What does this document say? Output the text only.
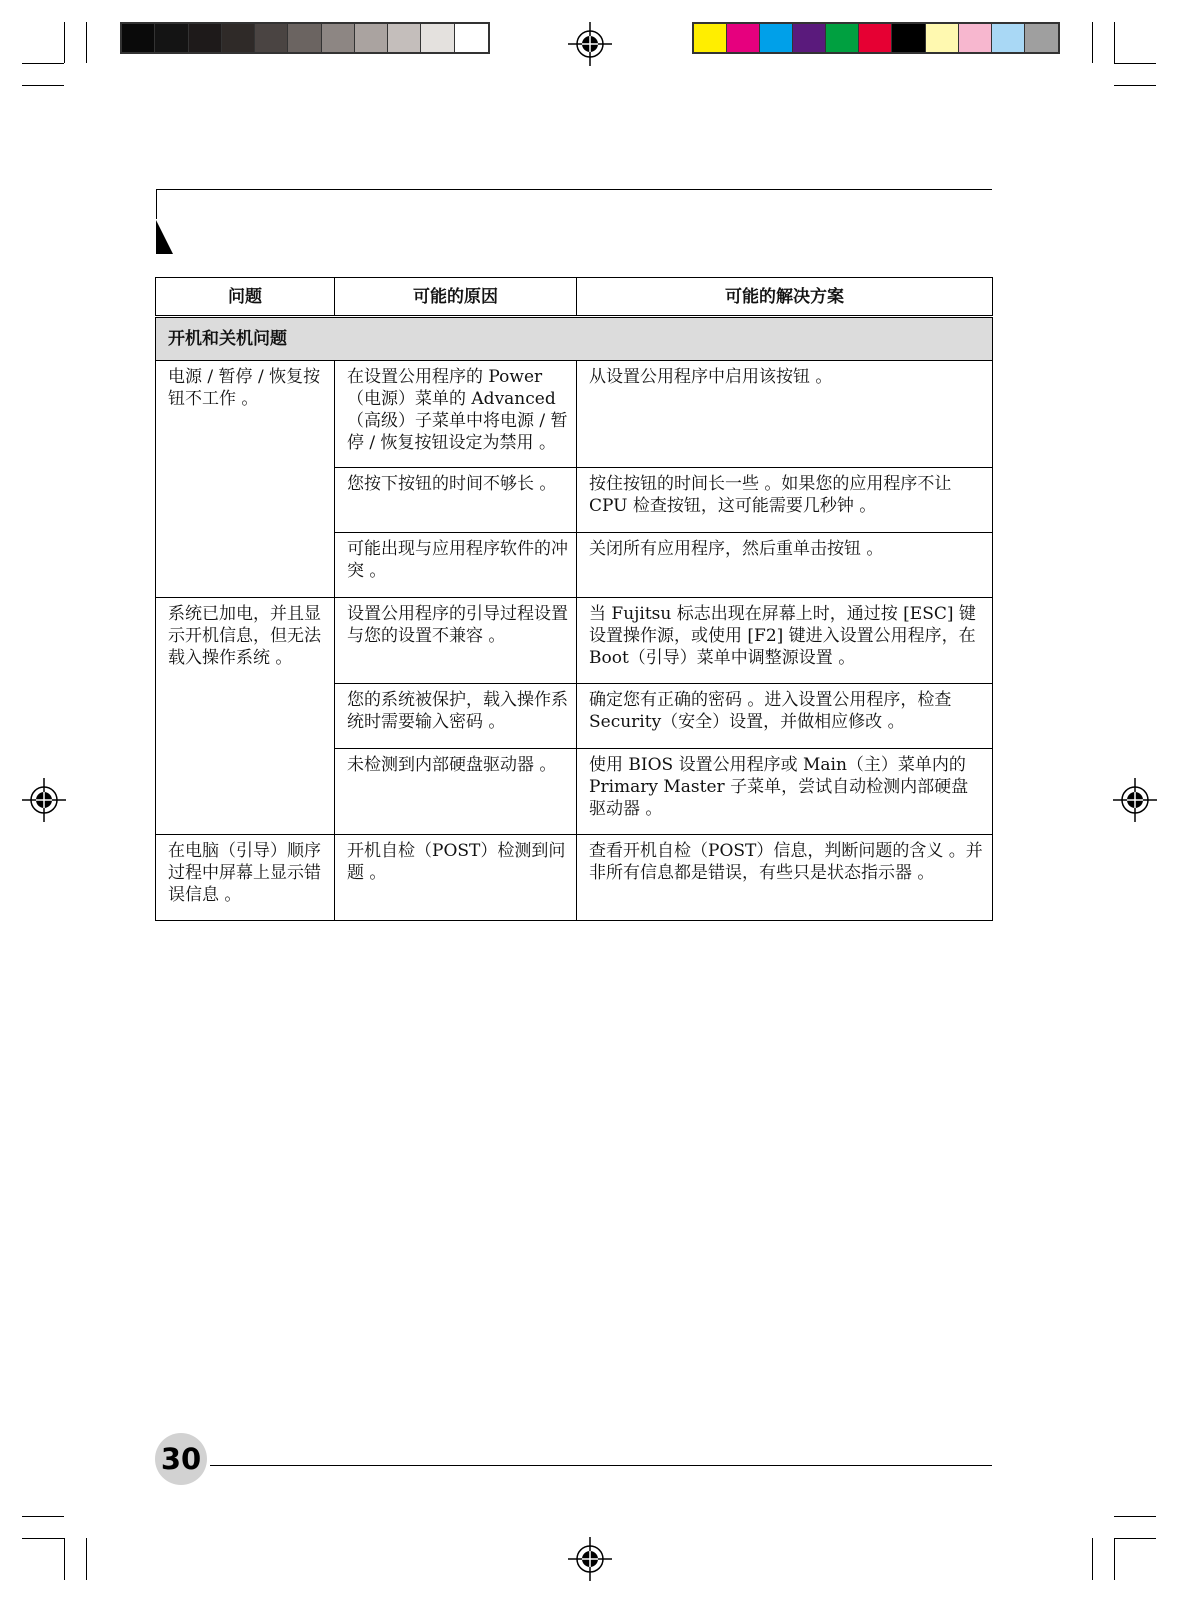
问题	可能的原因	可能的解决方案
开机和关机问题		
电源 / 暂停 / 恢复按钮不工作 。	在设置公用程序的 Power（电源）菜单的 Advanced（高级）子菜单中将电源 / 暂停 / 恢复按钮设定为禁用 。	从设置公用程序中启用该按钮 。
	您按下按钮的时间不够长 。	按住按钮的时间长一些 。如果您的应用程序不让 CPU 检查按钮，这可能需要几秒钟 。
	可能出现与应用程序软件的冲突 。	关闭所有应用程序，然后重单击按钮 。
系统已加电，并且显示开机信息，但无法载入操作系统 。	设置公用程序的引导过程设置与您的设置不兼容 。	当 Fujitsu 标志出现在屏幕上时，通过按 [ESC] 键设置操作源，或使用 [F2] 键进入设置公用程序，在 Boot（引导）菜单中调整源设置 。
	您的系统被保护，载入操作系统时需要输入密码 。	确定您有正确的密码 。进入设置公用程序，检查 Security（安全）设置，并做相应修改 。
	未检测到内部硬盘驱动器 。	使用 BIOS 设置公用程序或 Main（主）菜单内的 Primary Master 子菜单，尝试自动检测内部硬盘驱动器 。
在电脑（引导）顺序过程中屏幕上显示错误信息 。	开机自检（POST）检测到问题 。	查看开机自检（POST）信息，判断问题的含义 。并非所有信息都是错误，有些只是状态指示器 。
30
